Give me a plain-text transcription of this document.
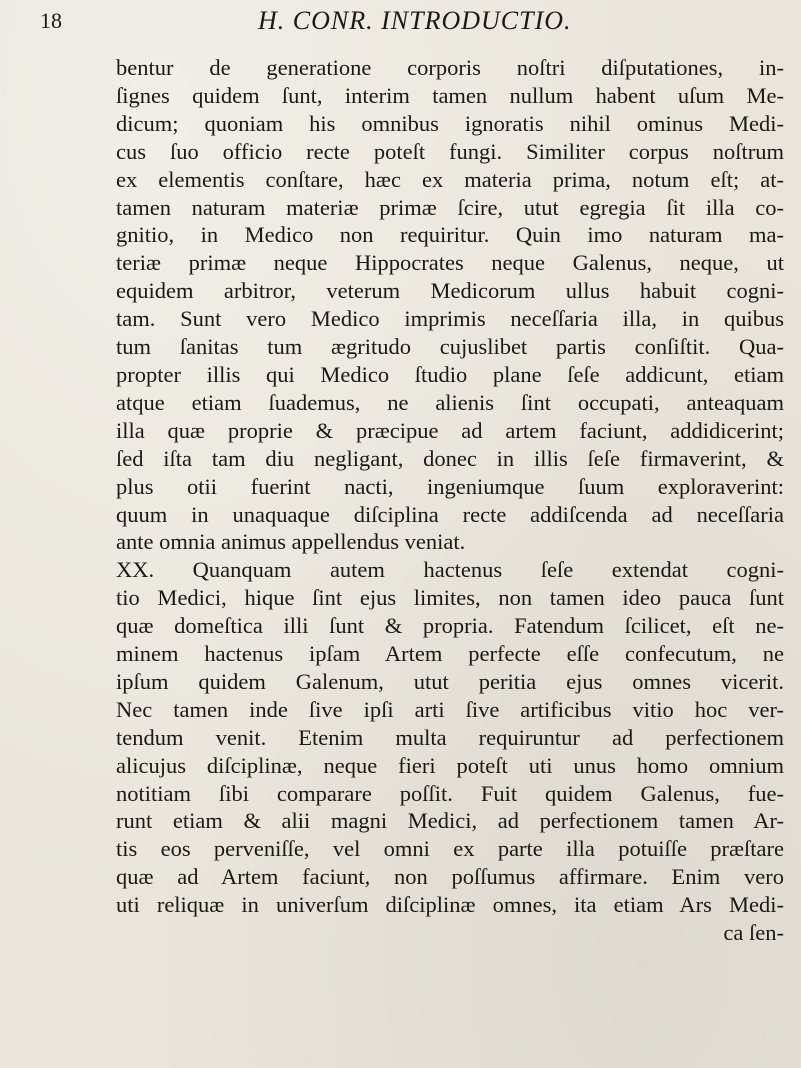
18	H. CONR. INTRODUCTIO.
bentur de generatione corporis noſtri diſputationes, in-
ſignes quidem ſunt, interim tamen nullum habent uſum Me-
dicum; quoniam his omnibus ignoratis nihil ominus Medi-
cus ſuo officio recte poteſt fungi. Similiter corpus noſtrum
ex elementis conſtare, hæc ex materia prima, notum eſt; at-
tamen naturam materiæ primæ ſcire, utut egregia ſit illa co-
gnitio, in Medico non requiritur. Quin imo naturam ma-
teriæ primæ neque Hippocrates neque Galenus, neque, ut
equidem arbitror, veterum Medicorum ullus habuit cogni-
tam. Sunt vero Medico imprimis neceſſaria illa, in quibus
tum ſanitas tum ægritudo cujuslibet partis conſiſtit. Qua-
propter illis qui Medico ſtudio plane ſeſe addicunt, etiam
atque etiam ſuademus, ne alienis ſint occupati, anteaquam
illa quæ proprie & præcipue ad artem faciunt, addidicerint;
ſed iſta tam diu negligant, donec in illis ſeſe firmaverint, &
plus otii fuerint nacti, ingeniumque ſuum exploraverint:
quum in unaquaque diſciplina recte addiſcenda ad neceſſaria
ante omnia animus appellendus veniat.
XX. Quanquam autem hactenus ſeſe extendat cogni-
tio Medici, hique ſint ejus limites, non tamen ideo pauca ſunt
quæ domeſtica illi ſunt & propria. Fatendum ſcilicet, eſt ne-
minem hactenus ipſam Artem perfecte eſſe confecutum, ne
ipſum quidem Galenum, utut peritia ejus omnes vicerit.
Nec tamen inde ſive ipſi arti ſive artificibus vitio hoc ver-
tendum venit. Etenim multa requiruntur ad perfectionem
alicujus diſciplinæ, neque fieri poteſt uti unus homo omnium
notitiam ſibi comparare poſſit. Fuit quidem Galenus, fue-
runt etiam & alii magni Medici, ad perfectionem tamen Ar-
tis eos perveniſſe, vel omni ex parte illa potuiſſe præſtare
quæ ad Artem faciunt, non poſſumus affirmare. Enim vero
uti reliquæ in univerſum diſciplinæ omnes, ita etiam Ars Medi-
ca ſen-
